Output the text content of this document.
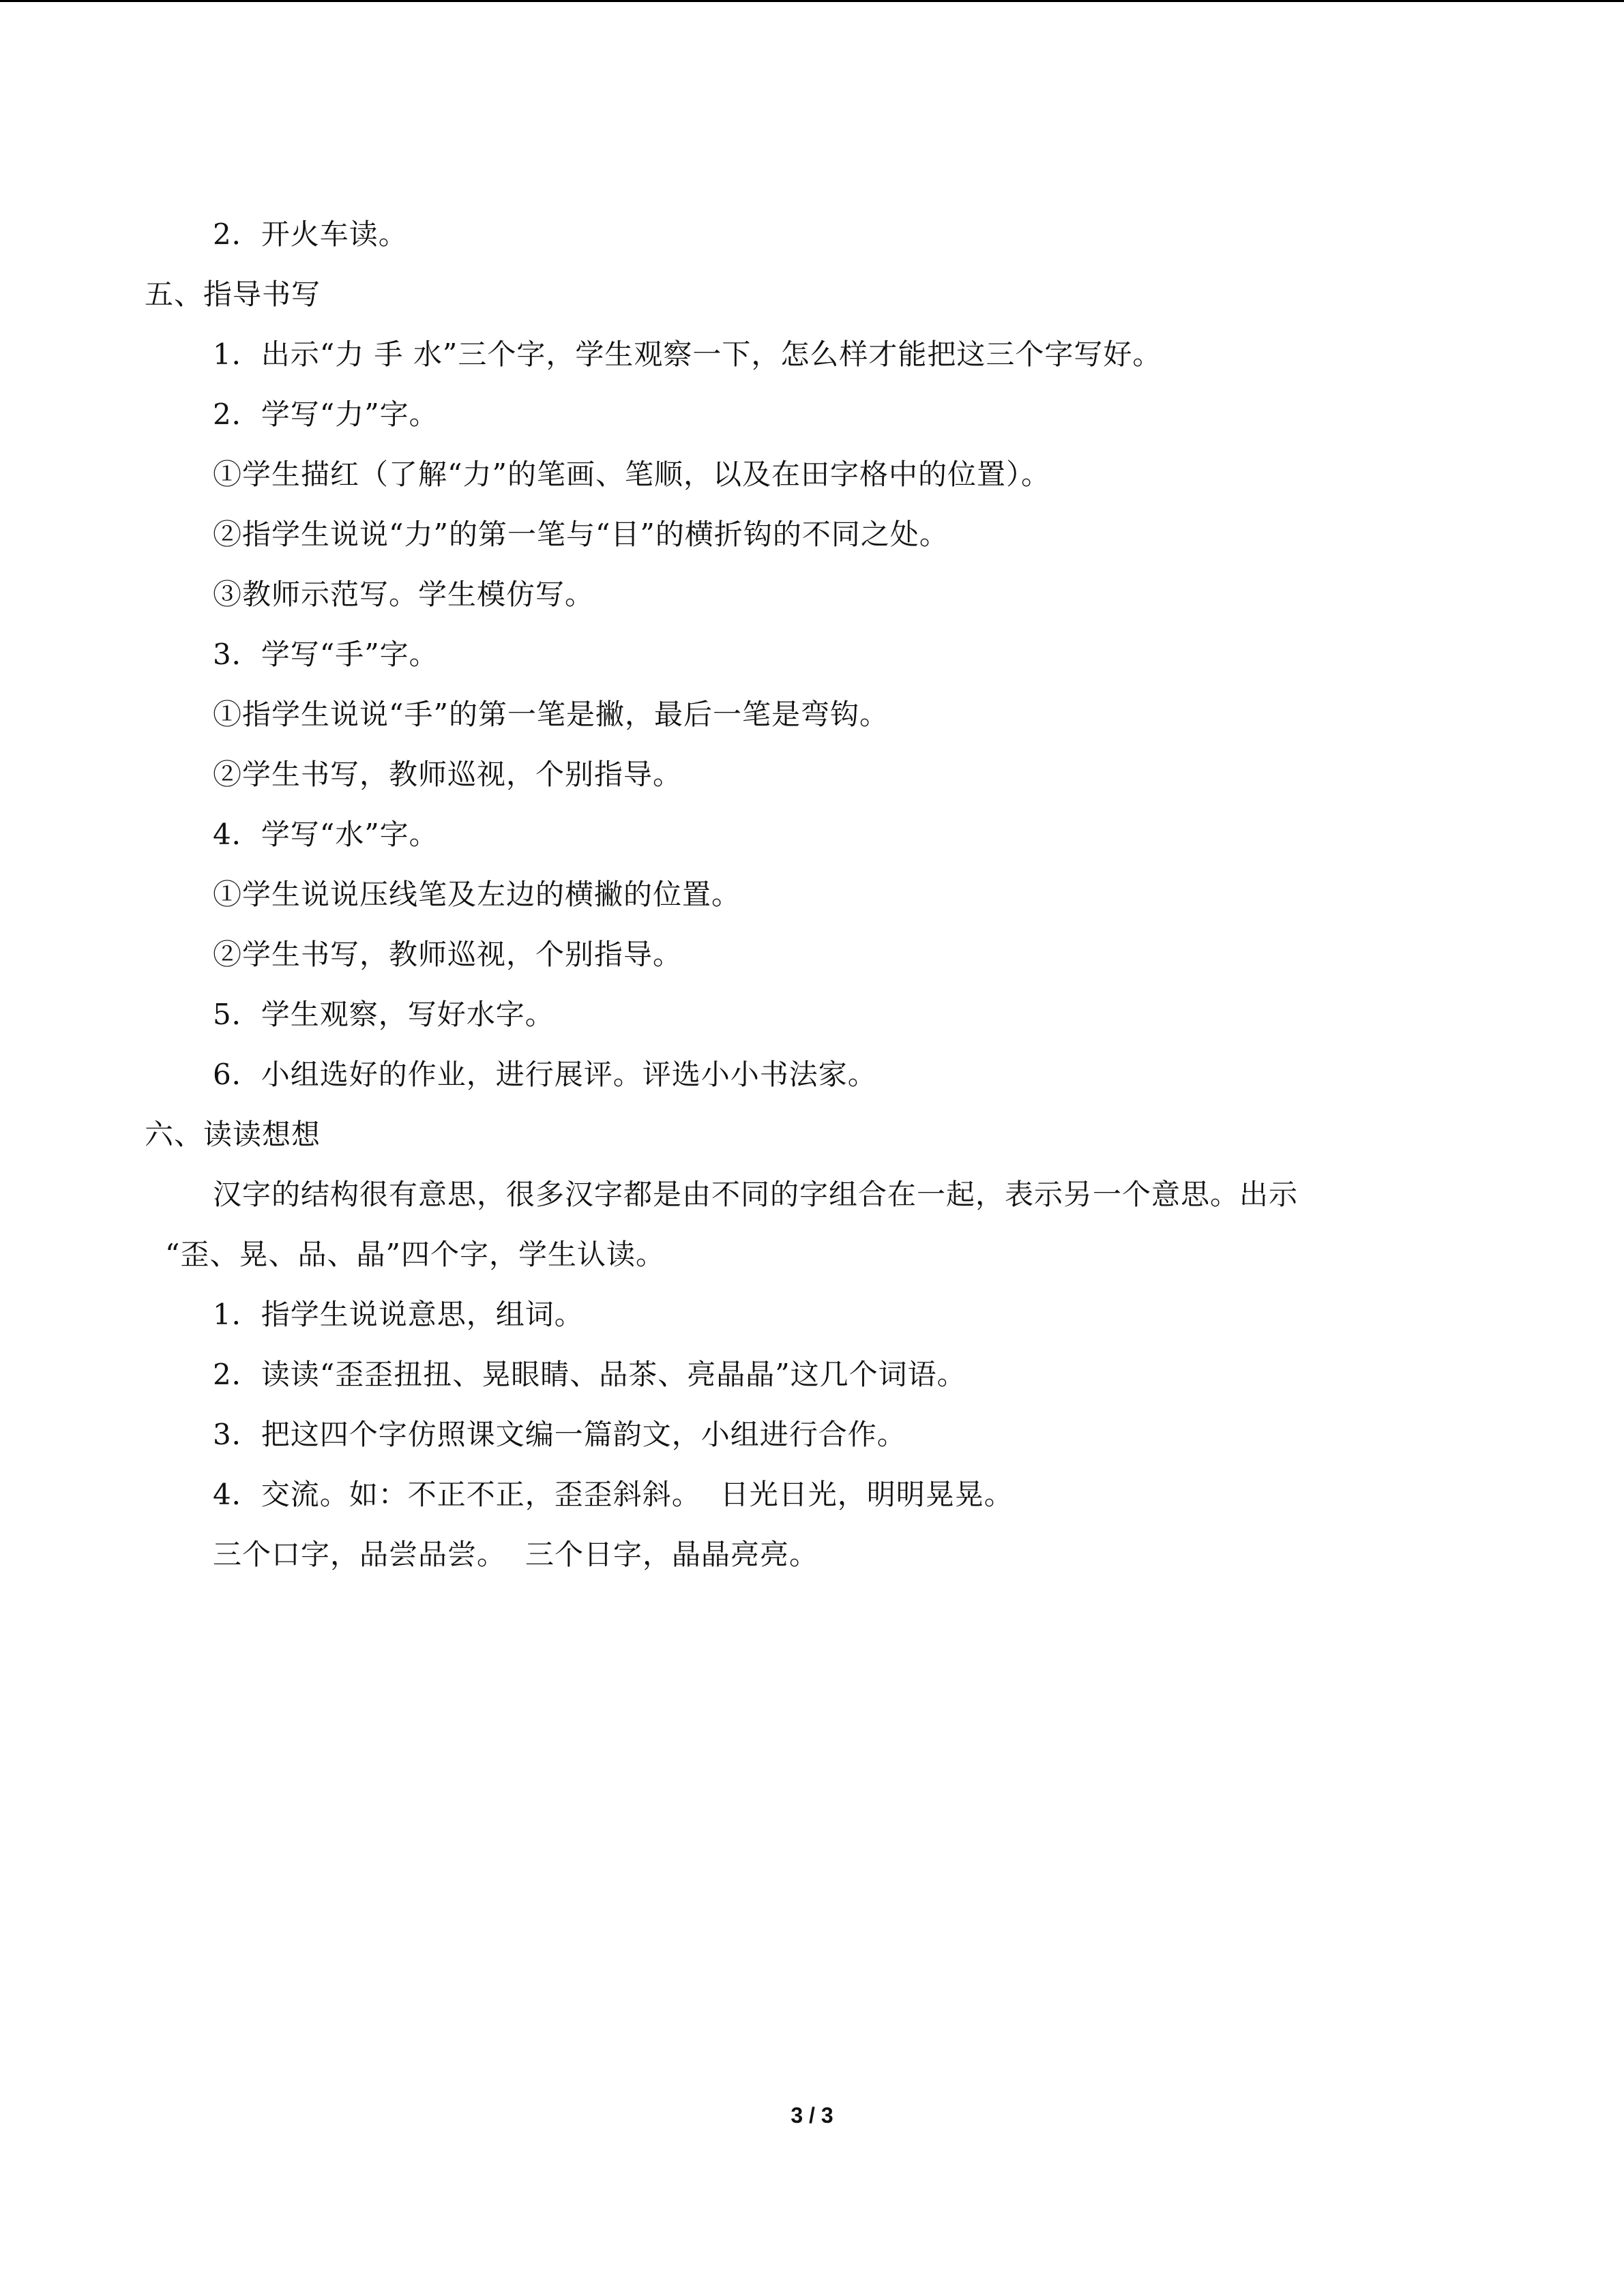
2．开火车读。
五、指导书写
1．出示“力 手 水”三个字，学生观察一下，怎么样才能把这三个字写好。
2．学写“力”字。
①学生描红（了解“力”的笔画、笔顺，以及在田字格中的位置）。
②指学生说说“力”的第一笔与“目”的横折钩的不同之处。
③教师示范写。学生模仿写。
3．学写“手”字。
①指学生说说“手”的第一笔是撇，最后一笔是弯钩。
②学生书写，教师巡视，个别指导。
4．学写“水”字。
①学生说说压线笔及左边的横撇的位置。
②学生书写，教师巡视，个别指导。
5．学生观察，写好水字。
6．小组选好的作业，进行展评。评选小小书法家。
六、读读想想
汉字的结构很有意思，很多汉字都是由不同的字组合在一起，表示另一个意思。出示
“歪、晃、品、晶”四个字，学生认读。
1．指学生说说意思，组词。
2．读读“歪歪扭扭、晃眼睛、品茶、亮晶晶”这几个词语。
3．把这四个字仿照课文编一篇韵文，小组进行合作。
4．交流。如：不正不正，歪歪斜斜。 日光日光，明明晃晃。
三个口字，品尝品尝。 三个日字，晶晶亮亮。
3 / 3
